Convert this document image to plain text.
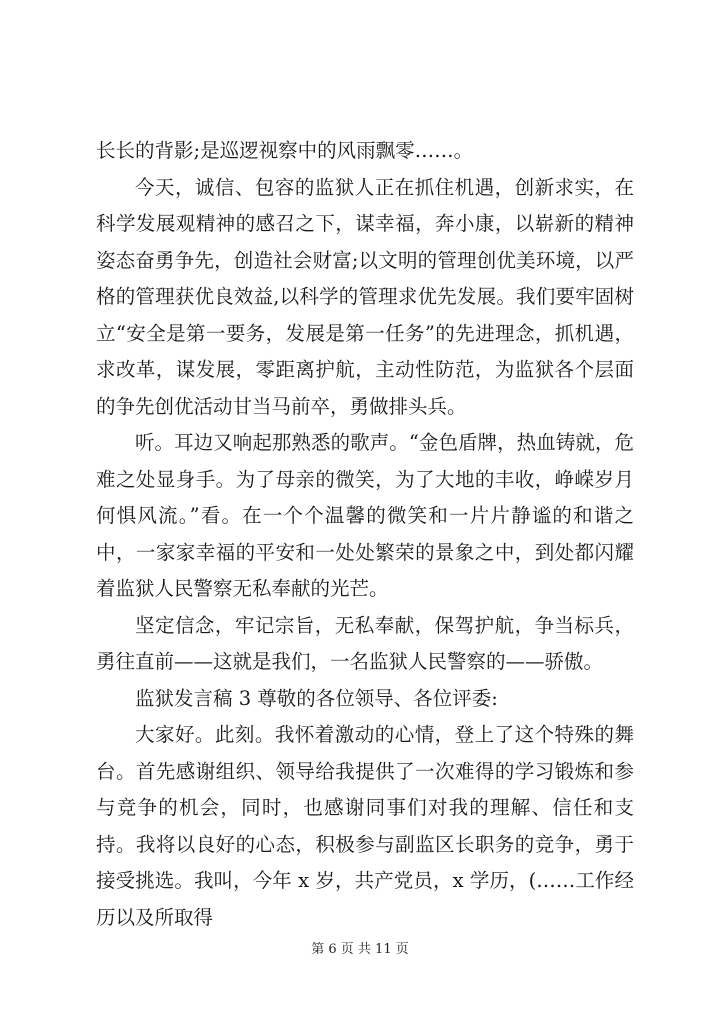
长长的背影;是巡逻视察中的风雨飘零……。

今天，诚信、包容的监狱人正在抓住机遇，创新求实，在科学发展观精神的感召之下，谋幸福，奔小康，以崭新的精神姿态奋勇争先，创造社会财富;以文明的管理创优美环境，以严格的管理获优良效益,以科学的管理求优先发展。我们要牢固树立“安全是第一要务，发展是第一任务”的先进理念，抓机遇，求改革，谋发展，零距离护航，主动性防范，为监狱各个层面的争先创优活动甘当马前卒，勇做排头兵。

听。耳边又响起那熟悉的歌声。“金色盾牌，热血铸就，危难之处显身手。为了母亲的微笑，为了大地的丰收，峥嵘岁月何惧风流。”看。在一个个温馨的微笑和一片片静谧的和谐之中，一家家幸福的平安和一处处繁荣的景象之中，到处都闪耀着监狱人民警察无私奉献的光芒。

坚定信念，牢记宗旨，无私奉献，保驾护航，争当标兵，勇往直前——这就是我们，一名监狱人民警察的——骄傲。

监狱发言稿 3 尊敬的各位领导、各位评委:

大家好。此刻。我怀着激动的心情，登上了这个特殊的舞台。首先感谢组织、领导给我提供了一次难得的学习锻炼和参与竞争的机会，同时，也感谢同事们对我的理解、信任和支持。我将以良好的心态，积极参与副监区长职务的竞争，勇于接受挑选。我叫，今年 x 岁，共产党员，x 学历，(……工作经历以及所取得

第 6 页 共 11 页
